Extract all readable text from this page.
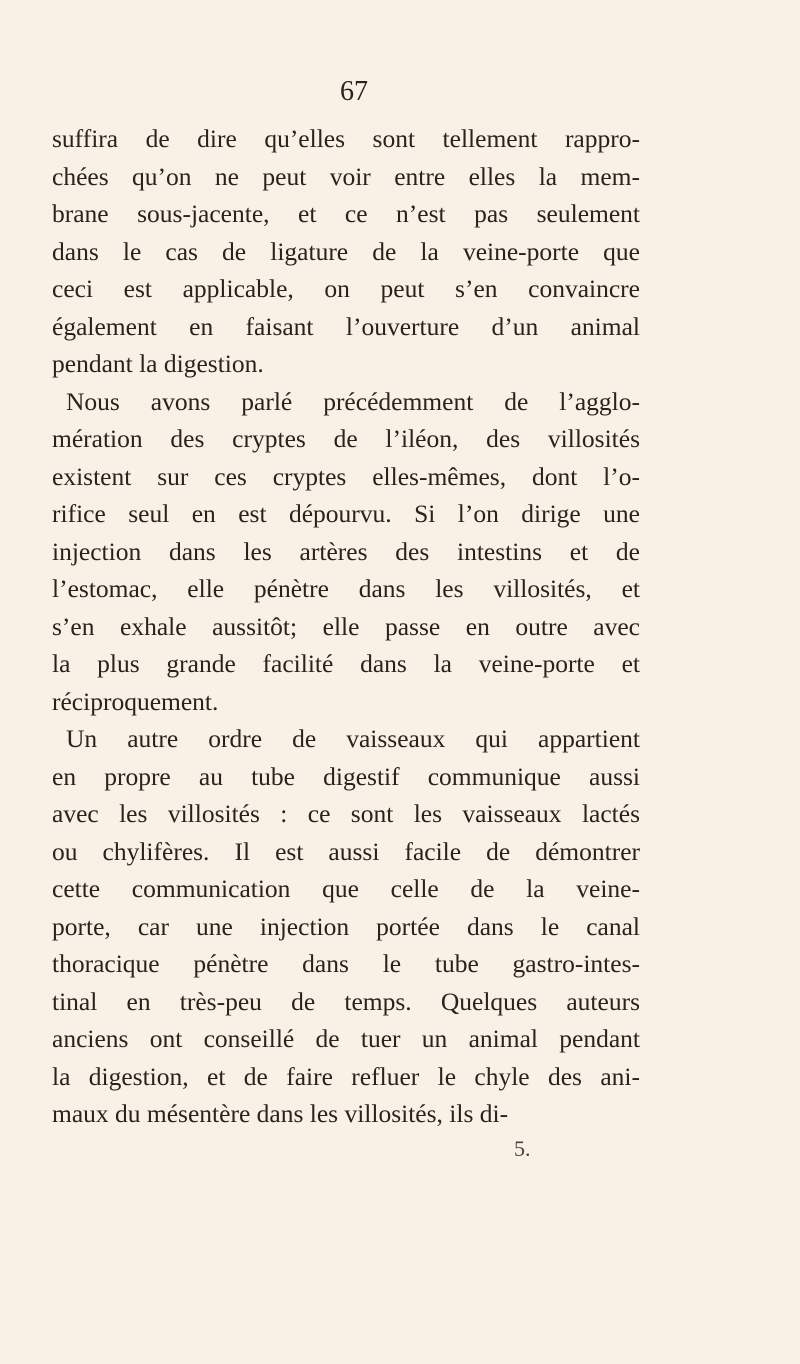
67
suffira de dire qu’elles sont tellement rappro-
chées qu’on ne peut voir entre elles la mem-
brane sous-jacente, et ce n’est pas seulement
dans le cas de ligature de la veine-porte que
ceci est applicable, on peut s’en convaincre
également en faisant l’ouverture d’un animal
pendant la digestion.
Nous avons parlé précédemment de l’agglo-
mération des cryptes de l’iléon, des villosités
existent sur ces cryptes elles-mêmes, dont l’o-
rifice seul en est dépourvu. Si l’on dirige une
injection dans les artères des intestins et de
l’estomac, elle pénètre dans les villosités, et
s’en exhale aussitôt; elle passe en outre avec
la plus grande facilité dans la veine-porte et
réciproquement.
Un autre ordre de vaisseaux qui appartient
en propre au tube digestif communique aussi
avec les villosités : ce sont les vaisseaux lactés
ou chylifères. Il est aussi facile de démontrer
cette communication que celle de la veine-
porte, car une injection portée dans le canal
thoracique pénètre dans le tube gastro-intes-
tinal en très-peu de temps. Quelques auteurs
anciens ont conseillé de tuer un animal pendant
la digestion, et de faire refluer le chyle des ani-
maux du mésentère dans les villosités, ils di-
5.
